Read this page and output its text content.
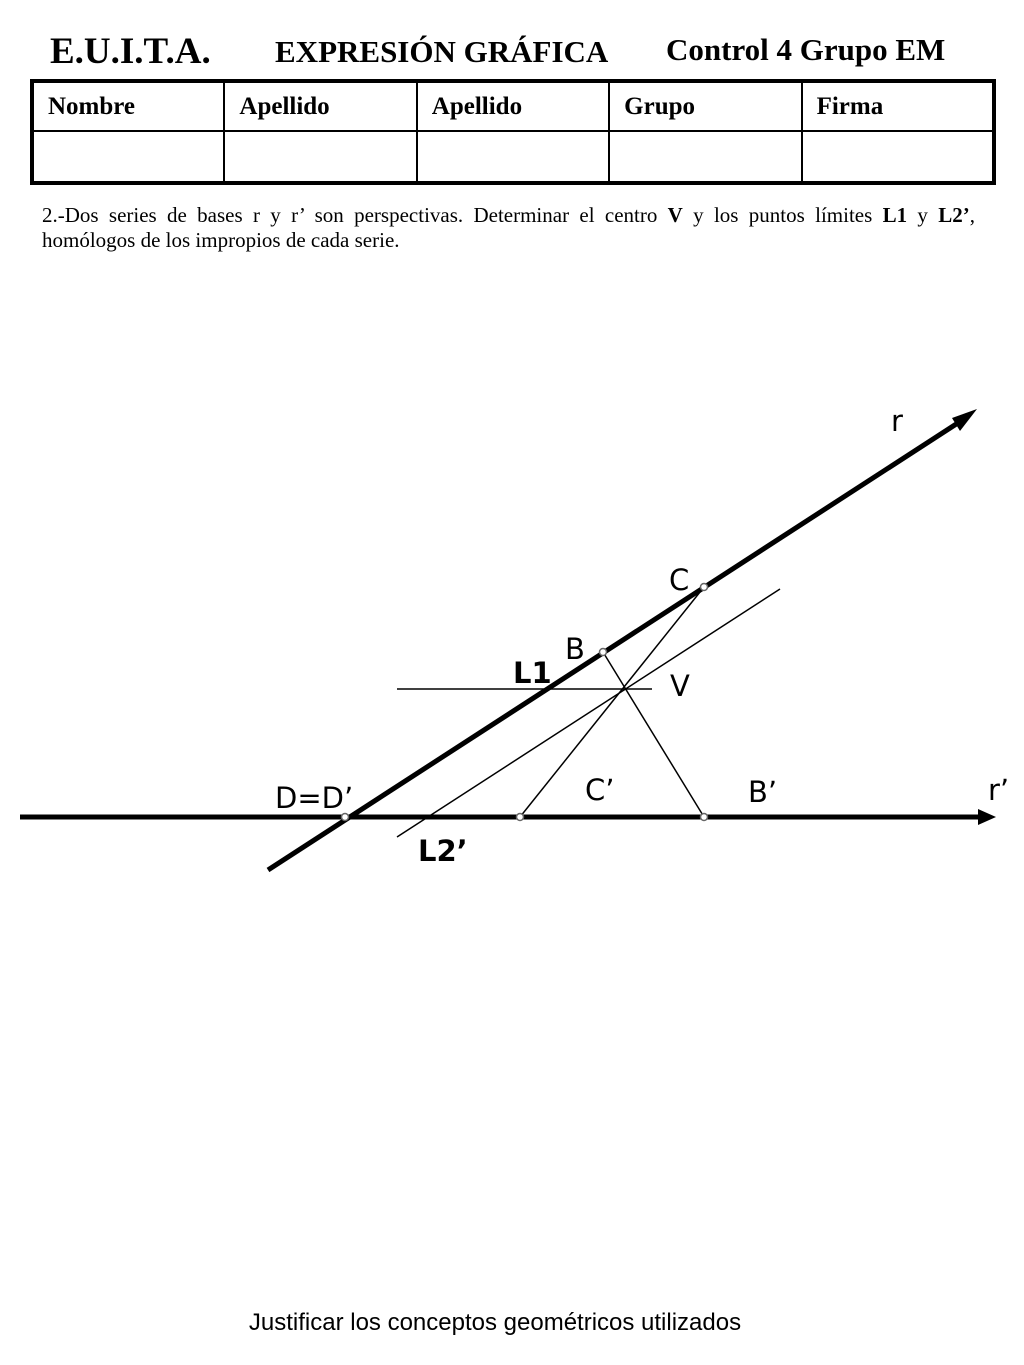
E.U.I.T.A. EXPRESIÓN GRÁFICA Control 4 Grupo EM
Nombre	Apellido	Apellido	Grupo	Firma

2.-Dos series de bases r y r’ son perspectivas. Determinar el centro V y los puntos límites L1 y L2’, homólogos de los impropios de cada serie.
r
r’
C
B
V
L1
C’	B’
D=D’
L2’
Justificar los conceptos geométricos utilizados
